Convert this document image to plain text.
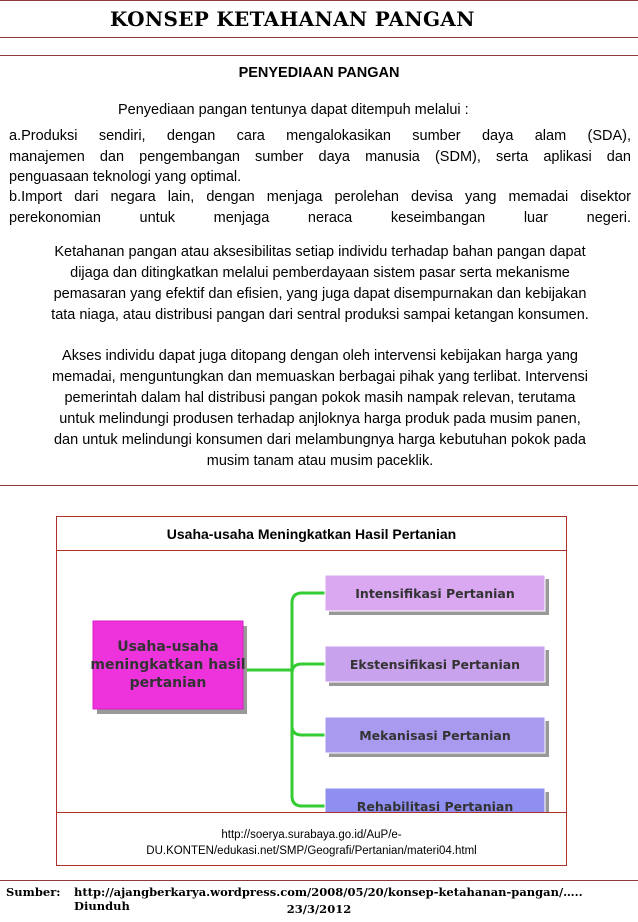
KONSEP KETAHANAN PANGAN
PENYEDIAAN PANGAN
Penyediaan pangan tentunya dapat ditempuh melalui :
a.Produksi sendiri, dengan cara mengalokasikan sumber daya alam (SDA),
manajemen dan pengembangan sumber daya manusia (SDM), serta aplikasi dan
penguasaan teknologi yang optimal.
b.Import dari negara lain, dengan menjaga perolehan devisa yang memadai disektor
perekonomian untuk menjaga neraca keseimbangan luar negeri.
Ketahanan pangan atau aksesibilitas setiap individu terhadap bahan pangan dapat
dijaga dan ditingkatkan melalui pemberdayaan sistem pasar serta mekanisme
pemasaran yang efektif dan efisien, yang juga dapat disempurnakan dan kebijakan
tata niaga, atau distribusi pangan dari sentral produksi sampai ketangan konsumen.
Akses individu dapat juga ditopang dengan oleh intervensi kebijakan harga yang
memadai, menguntungkan dan memuaskan berbagai pihak yang terlibat. Intervensi
pemerintah dalam hal distribusi pangan pokok masih nampak relevan, terutama
untuk melindungi produsen terhadap anjloknya harga produk pada musim panen,
dan untuk melindungi konsumen dari melambungnya harga kebutuhan pokok pada
musim tanam atau musim paceklik.
Usaha-usaha Meningkatkan Hasil Pertanian
Usaha-usaha
meningkatkan hasil
pertanian
Intensifikasi Pertanian
Ekstensifikasi Pertanian
Mekanisasi Pertanian
Rehabilitasi Pertanian
http://soerya.surabaya.go.id/AuP/e-
DU.KONTEN/edukasi.net/SMP/Geografi/Pertanian/materi04.html
Sumber: http://ajangberkarya.wordpress.com/2008/05/20/konsep-ketahanan-pangan/….. Diunduh	23/3/2012
